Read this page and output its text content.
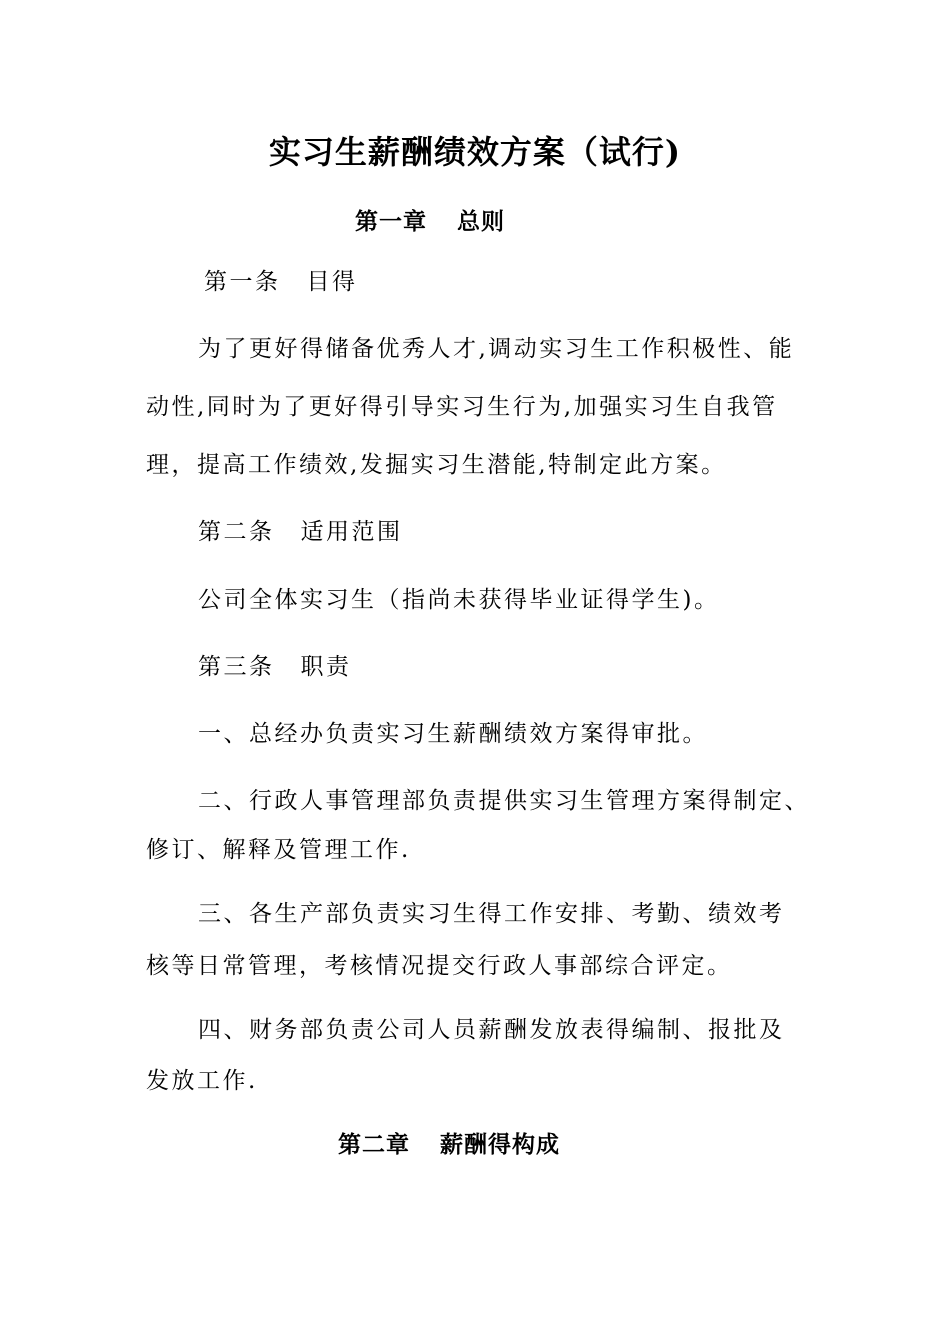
实习生薪酬绩效方案（试行)
第一章 总则
第一条 目得
为了更好得储备优秀人才,调动实习生工作积极性、能
动性,同时为了更好得引导实习生行为,加强实习生自我管
理，提高工作绩效,发掘实习生潜能,特制定此方案。
第二条 适用范围
公司全体实习生（指尚未获得毕业证得学生)。
第三条 职责
一、总经办负责实习生薪酬绩效方案得审批。
二、行政人事管理部负责提供实习生管理方案得制定、
修订、解释及管理工作.
三、各生产部负责实习生得工作安排、考勤、绩效考
核等日常管理，考核情况提交行政人事部综合评定。
四、财务部负责公司人员薪酬发放表得编制、报批及
发放工作.
第二章 薪酬得构成
